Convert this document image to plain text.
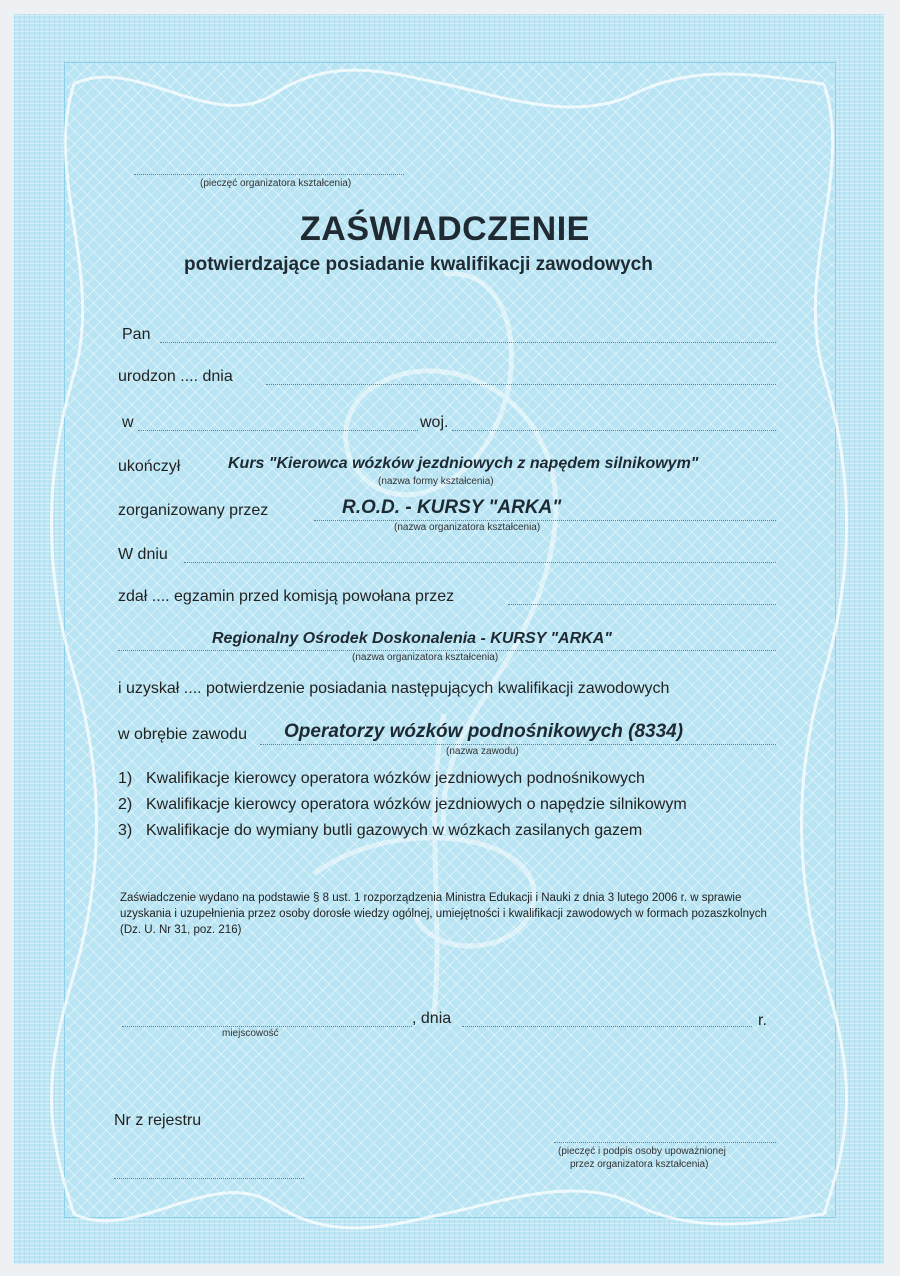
(pieczęć organizatora kształcenia)
ZAŚWIADCZENIE
potwierdzające posiadanie kwalifikacji zawodowych
Pan
urodzon .... dnia
w	woj.
ukończył	Kurs "Kierowca wózków jezdniowych z napędem silnikowym"
(nazwa formy kształcenia)
zorganizowany przez	R.O.D. - KURSY "ARKA"
(nazwa organizatora kształcenia)
W dniu
zdał .... egzamin przed komisją powołana przez
Regionalny Ośrodek Doskonalenia - KURSY "ARKA"
(nazwa organizatora kształcenia)
i uzyskał .... potwierdzenie posiadania następujących kwalifikacji zawodowych
w obrębie zawodu Operatorzy wózków podnośnikowych (8334)
(nazwa zawodu)
1) Kwalifikacje kierowcy operatora wózków jezdniowych podnośnikowych
2) Kwalifikacje kierowcy operatora wózków jezdniowych o napędzie silnikowym
3) Kwalifikacje do wymiany butli gazowych w wózkach zasilanych gazem
Zaświadczenie wydano na podstawie § 8 ust. 1 rozporządzenia Ministra Edukacji i Nauki z dnia 3 lutego 2006 r. w sprawie uzyskania i uzupełnienia przez osoby dorosłe wiedzy ogólnej, umiejętności i kwalifikacji zawodowych w formach pozaszkolnych (Dz. U. Nr 31, poz. 216)
miejscowość
, dnia	r.
Nr z rejestru
(pieczęć i podpis osoby upoważnionej
przez organizatora kształcenia)
